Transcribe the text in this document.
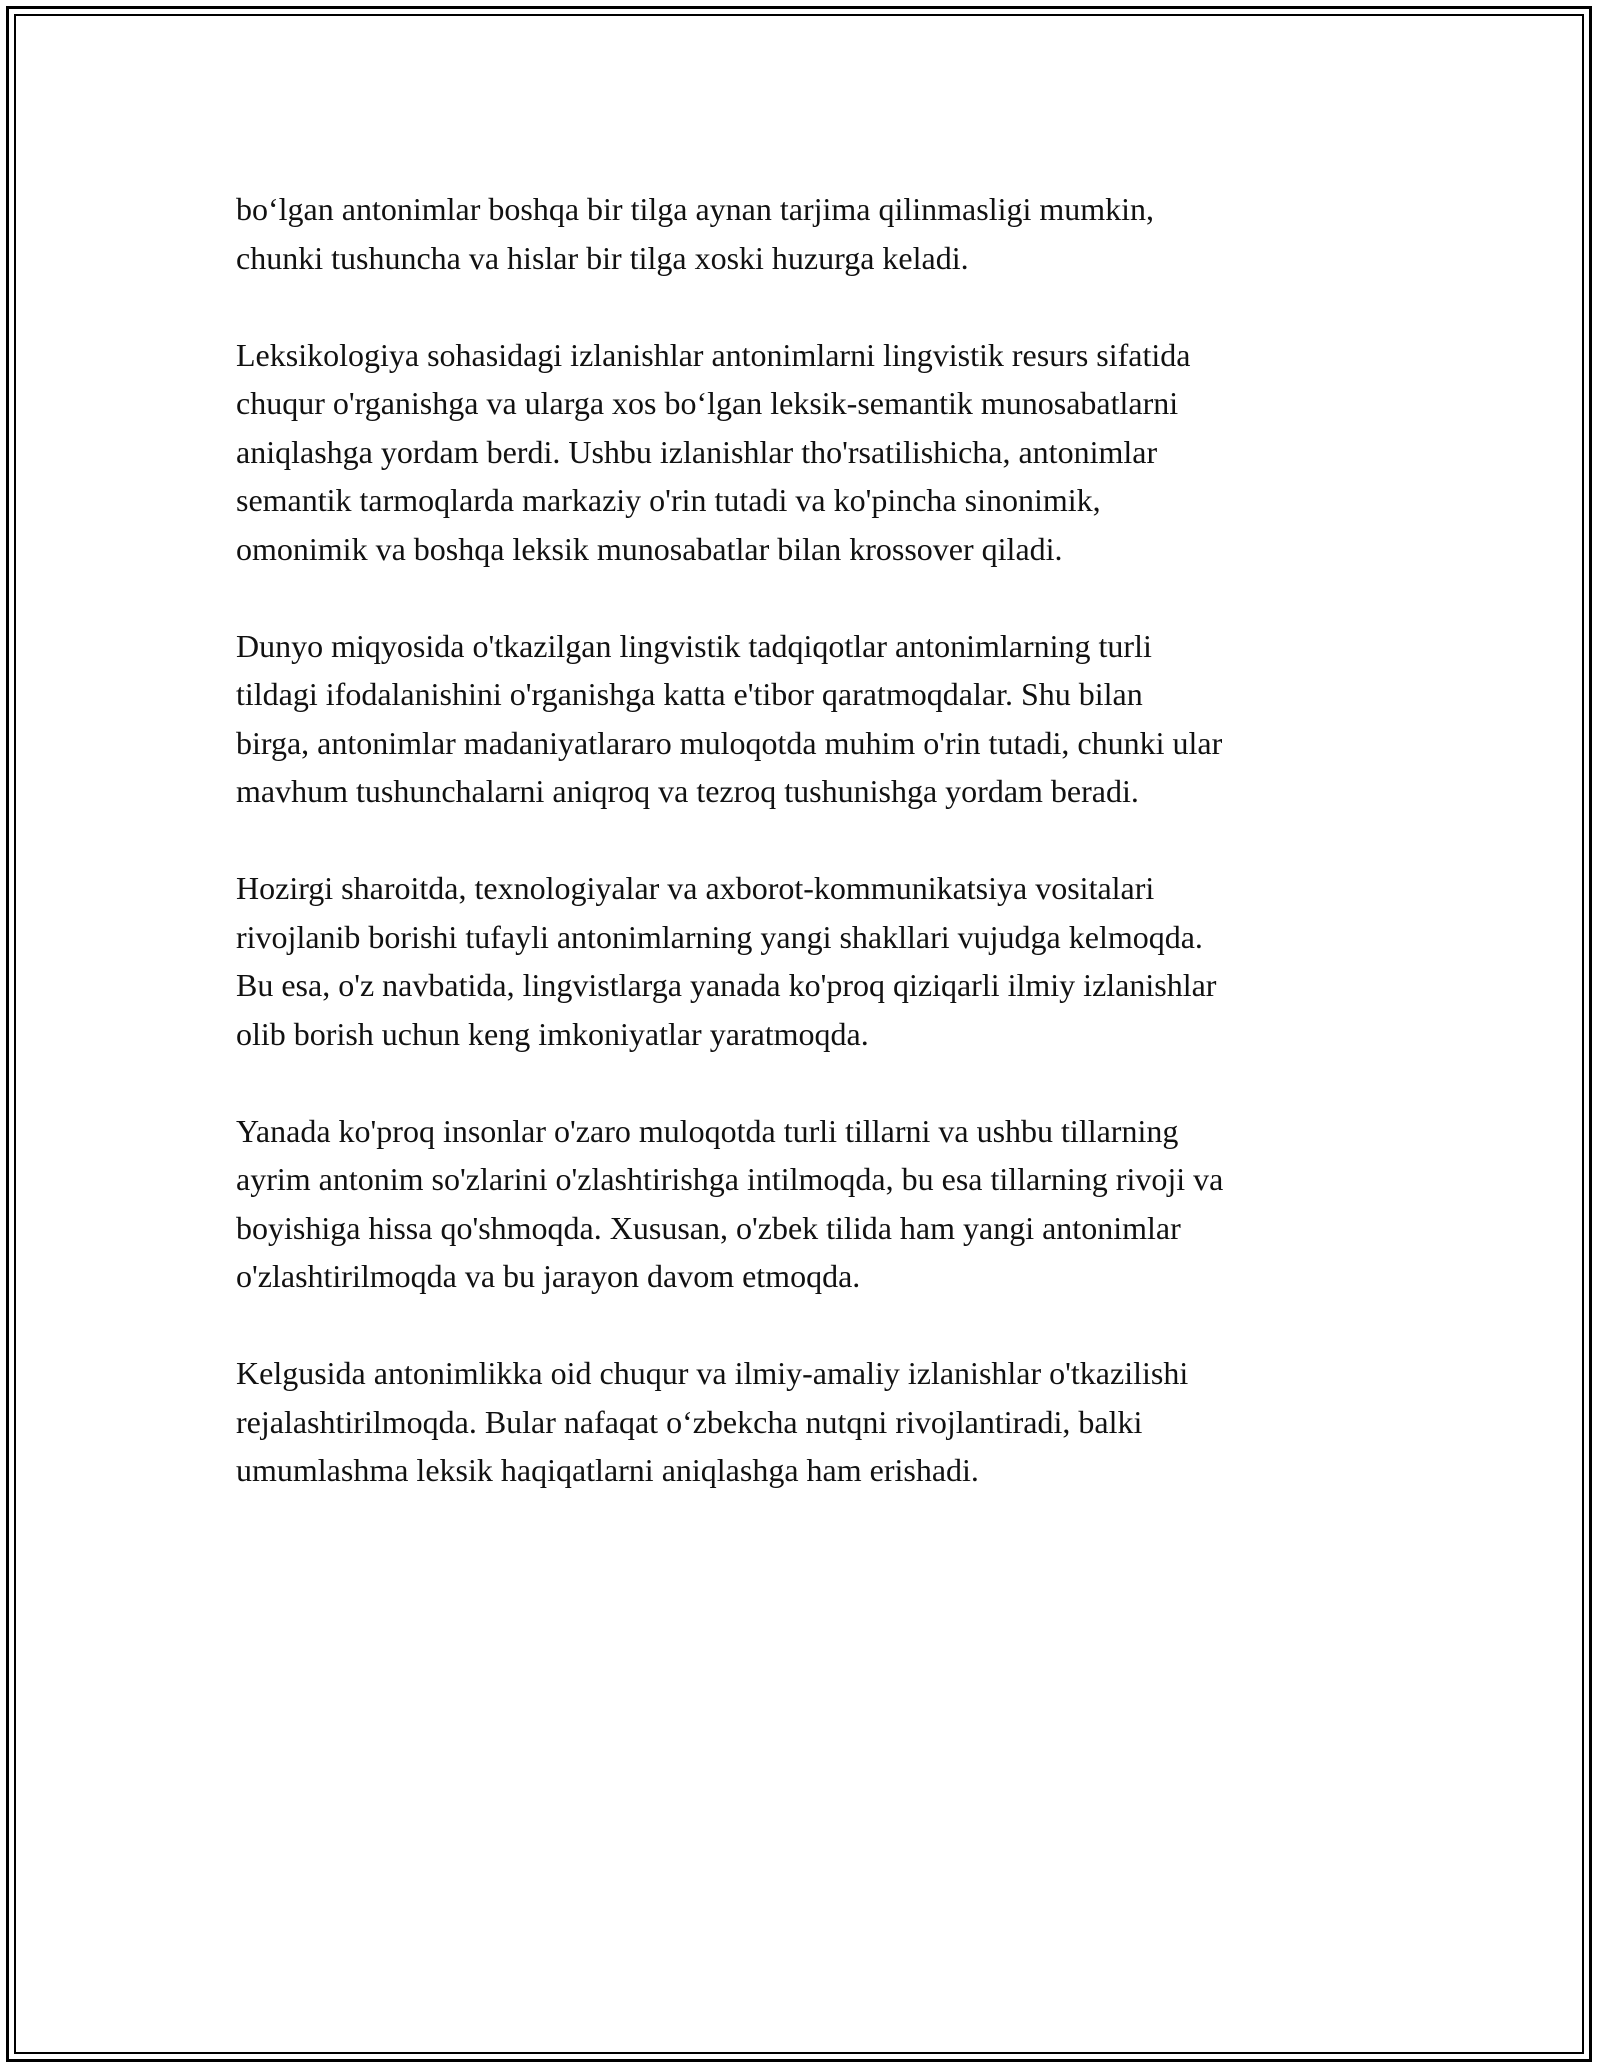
bo‘lgan antonimlar boshqa bir tilga aynan tarjima qilinmasligi mumkin,
chunki tushuncha va hislar bir tilga xoski huzurga keladi.

Leksikologiya sohasidagi izlanishlar antonimlarni lingvistik resurs sifatida
chuqur o'rganishga va ularga xos bo‘lgan leksik-semantik munosabatlarni
aniqlashga yordam berdi. Ushbu izlanishlar tho'rsatilishicha, antonimlar
semantik tarmoqlarda markaziy o'rin tutadi va ko'pincha sinonimik,
omonimik va boshqa leksik munosabatlar bilan krossover qiladi.

Dunyo miqyosida o'tkazilgan lingvistik tadqiqotlar antonimlarning turli
tildagi ifodalanishini o'rganishga katta e'tibor qaratmoqdalar. Shu bilan
birga, antonimlar madaniyatlararo muloqotda muhim o'rin tutadi, chunki ular
mavhum tushunchalarni aniqroq va tezroq tushunishga yordam beradi.

Hozirgi sharoitda, texnologiyalar va axborot-kommunikatsiya vositalari
rivojlanib borishi tufayli antonimlarning yangi shakllari vujudga kelmoqda.
Bu esa, o'z navbatida, lingvistlarga yanada ko'proq qiziqarli ilmiy izlanishlar
olib borish uchun keng imkoniyatlar yaratmoqda.

Yanada ko'proq insonlar o'zaro muloqotda turli tillarni va ushbu tillarning
ayrim antonim so'zlarini o'zlashtirishga intilmoqda, bu esa tillarning rivoji va
boyishiga hissa qo'shmoqda. Xususan, o'zbek tilida ham yangi antonimlar
o'zlashtirilmoqda va bu jarayon davom etmoqda.

Kelgusida antonimlikka oid chuqur va ilmiy-amaliy izlanishlar o'tkazilishi
rejalashtirilmoqda. Bular nafaqat o‘zbekcha nutqni rivojlantiradi, balki
umumlashma leksik haqiqatlarni aniqlashga ham erishadi.
